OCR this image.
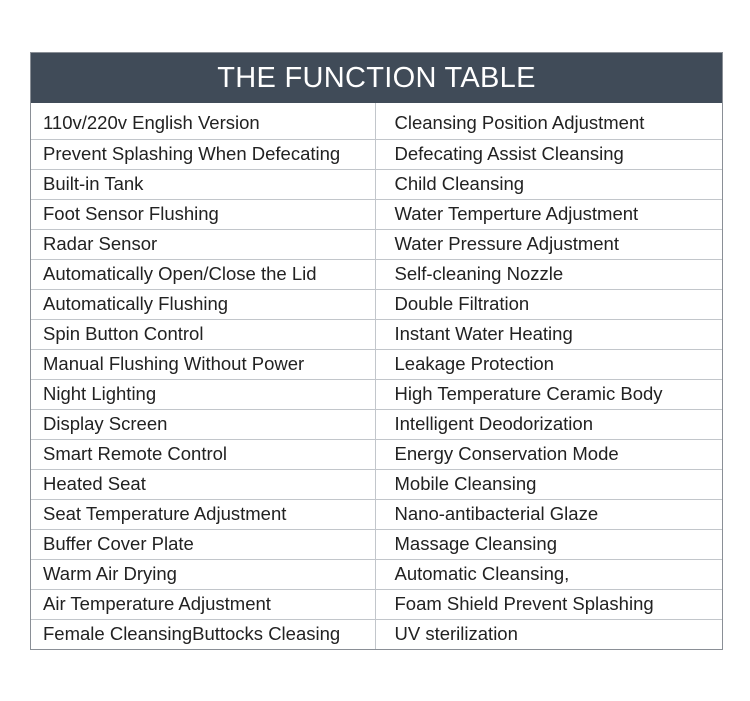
THE FUNCTION TABLE
110v/220v English Version	Cleansing Position Adjustment
Prevent Splashing When Defecating	Defecating Assist Cleansing
Built-in Tank	Child Cleansing
Foot Sensor Flushing	Water Temperture Adjustment
Radar Sensor	Water Pressure Adjustment
Automatically Open/Close the Lid	Self-cleaning Nozzle
Automatically Flushing	Double Filtration
Spin Button Control	Instant Water Heating
Manual Flushing Without Power	Leakage Protection
Night Lighting	High Temperature Ceramic Body
Display Screen	Intelligent Deodorization
Smart Remote Control	Energy Conservation Mode
Heated Seat	Mobile Cleansing
Seat Temperature Adjustment	Nano-antibacterial Glaze
Buffer Cover Plate	Massage Cleansing
Warm Air Drying	Automatic Cleansing,
Air Temperature Adjustment	Foam Shield Prevent Splashing
Female CleansingButtocks Cleasing	UV sterilization
